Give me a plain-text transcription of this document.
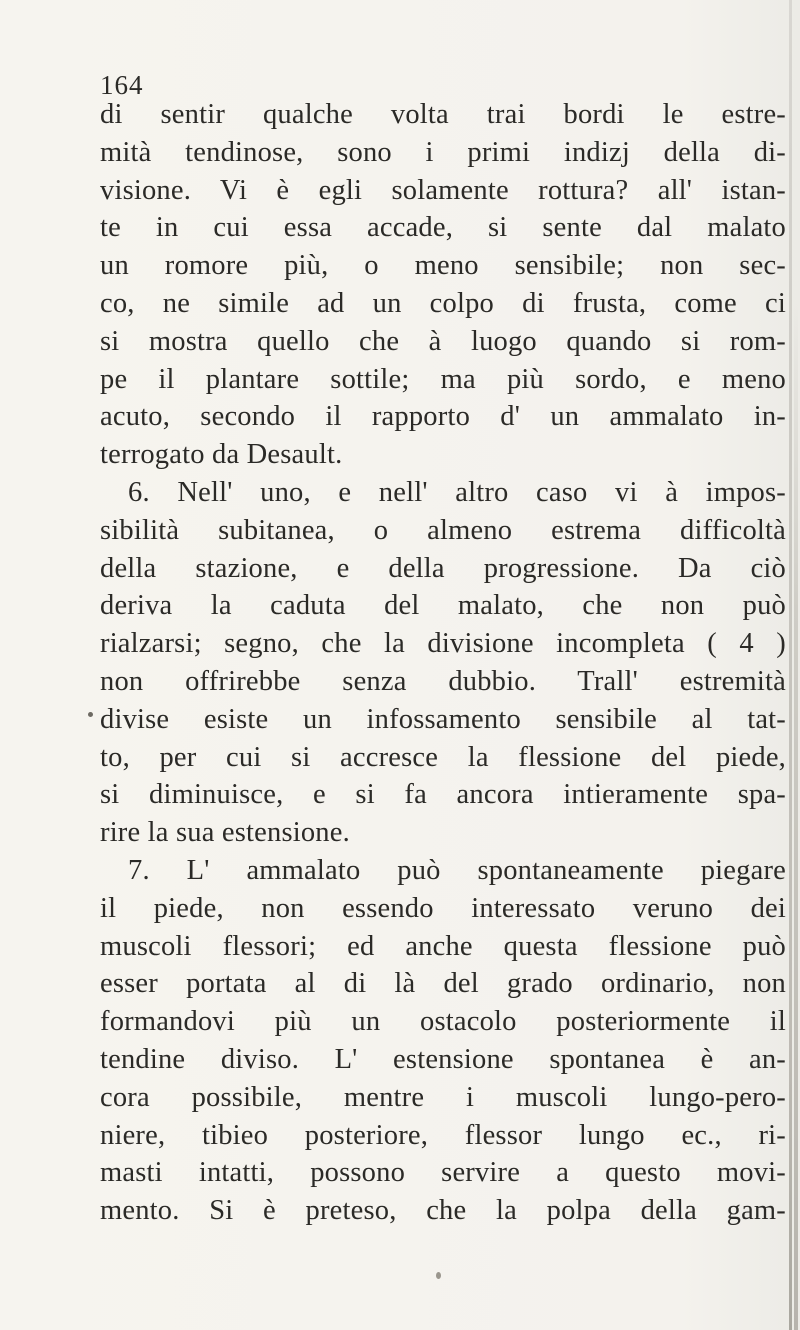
164
di sentir qualche volta trai bordi le estre-
mità tendinose, sono i primi indizj della di-
visione. Vi è egli solamente rottura? all' istan-
te in cui essa accade, si sente dal malato
un romore più, o meno sensibile; non sec-
co, ne simile ad un colpo di frusta, come ci
si mostra quello che à luogo quando si rom-
pe il plantare sottile; ma più sordo, e meno
acuto, secondo il rapporto d' un ammalato in-
terrogato da Desault.
6. Nell' uno, e nell' altro caso vi à impos-
sibilità subitanea, o almeno estrema difficoltà
della stazione, e della progressione. Da ciò
deriva la caduta del malato, che non può
rialzarsi; segno, che la divisione incompleta ( 4 )
non offrirebbe senza dubbio. Trall' estremità
divise esiste un infossamento sensibile al tat-
to, per cui si accresce la flessione del piede,
si diminuisce, e si fa ancora intieramente spa-
rire la sua estensione.
7. L' ammalato può spontaneamente piegare
il piede, non essendo interessato veruno dei
muscoli flessori; ed anche questa flessione può
esser portata al di là del grado ordinario, non
formandovi più un ostacolo posteriormente il
tendine diviso. L' estensione spontanea è an-
cora possibile, mentre i muscoli lungo-pero-
niere, tibieo posteriore, flessor lungo ec., ri-
masti intatti, possono servire a questo movi-
mento. Si è preteso, che la polpa della gam-
